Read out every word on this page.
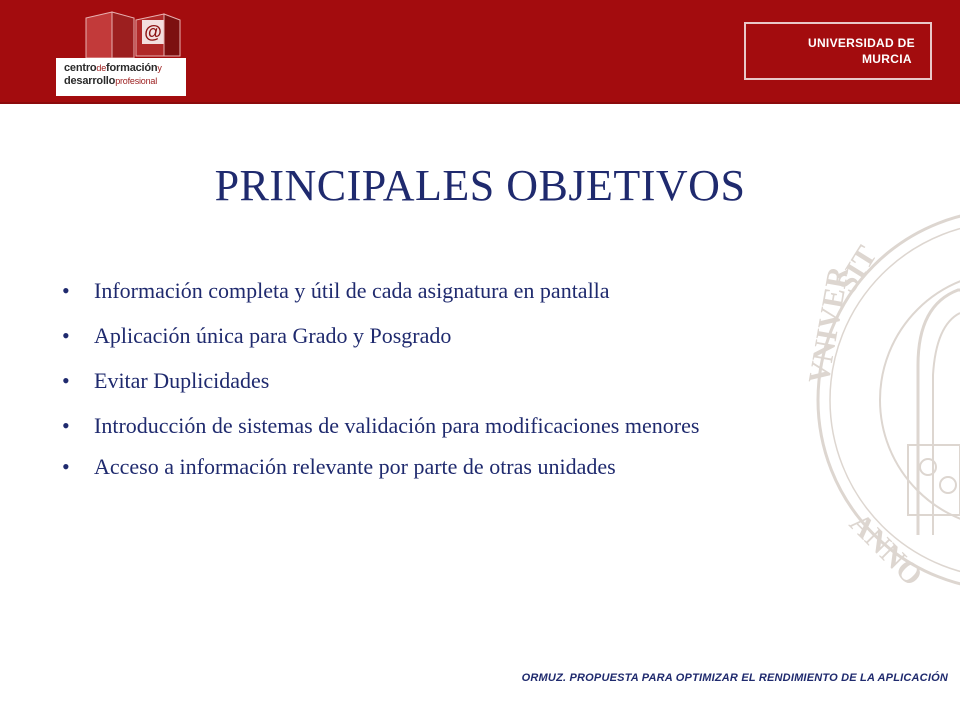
@
centrodeformacióny
desarrolloprofesional
UNIVERSIDAD DE
MURCIA
SIT
VNIVER
ANNO
PRINCIPALES OBJETIVOS
•	Información completa y útil de cada asignatura en pantalla
•	Aplicación única para Grado y Posgrado
•	Evitar Duplicidades
•	Introducción de sistemas de validación para modificaciones menores
•	Acceso a información relevante por parte de otras unidades
ORMUZ. PROPUESTA PARA OPTIMIZAR EL RENDIMIENTO DE LA APLICACIÓN
